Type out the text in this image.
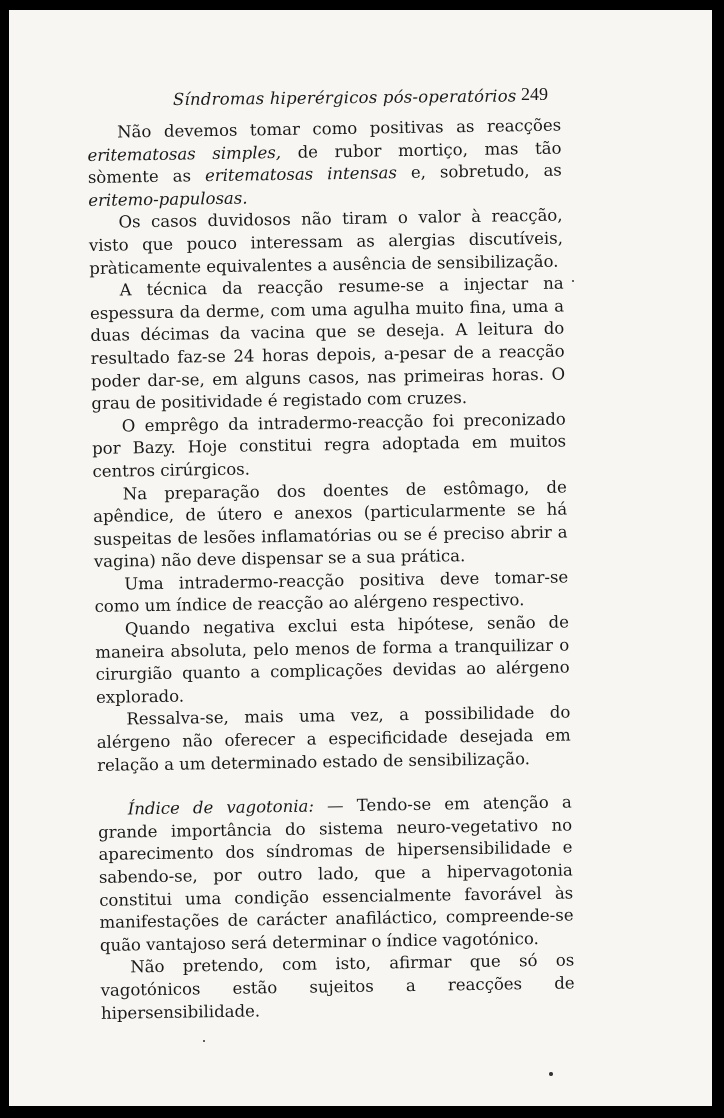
Síndromas hiperérgicos pós-operatórios 249

Não devemos tomar como positivas as reacções eritematosas simples, de rubor mortiço, mas tão sòmente as eritematosas intensas e, sobretudo, as eritemo-papulosas.

Os casos duvidosos não tiram o valor à reacção, visto que pouco interessam as alergias discutíveis, pràticamente equivalentes a ausência de sensibilização.

A técnica da reacção resume-se a injectar na espessura da derme, com uma agulha muito fina, uma a duas décimas da vacina que se deseja. A leitura do resultado faz-se 24 horas depois, a-pesar de a reacção poder dar-se, em alguns casos, nas primeiras horas. O grau de positividade é registado com cruzes.

O emprêgo da intradermo-reacção foi preconizado por Bazy. Hoje constitui regra adoptada em muitos centros cirúrgicos.

Na preparação dos doentes de estômago, de apêndice, de útero e anexos (particularmente se há suspeitas de lesões inflamatórias ou se é preciso abrir a vagina) não deve dispensar se a sua prática.

Uma intradermo-reacção positiva deve tomar-se como um índice de reacção ao alérgeno respectivo.

Quando negativa exclui esta hipótese, senão de maneira absoluta, pelo menos de forma a tranquilizar o cirurgião quanto a complicações devidas ao alérgeno explorado.

Ressalva-se, mais uma vez, a possibilidade do alérgeno não oferecer a especificidade desejada em relação a um determinado estado de sensibilização.

Índice de vagotonia: — Tendo-se em atenção a grande importância do sistema neuro-vegetativo no aparecimento dos síndromas de hipersensibilidade e sabendo-se, por outro lado, que a hipervagotonia constitui uma condição essencialmente favorável às manifestações de carácter anafiláctico, compreende-se quão vantajoso será determinar o índice vagotónico.

Não pretendo, com isto, afirmar que só os vagotónicos estão sujeitos a reacções de hipersensibilidade.
